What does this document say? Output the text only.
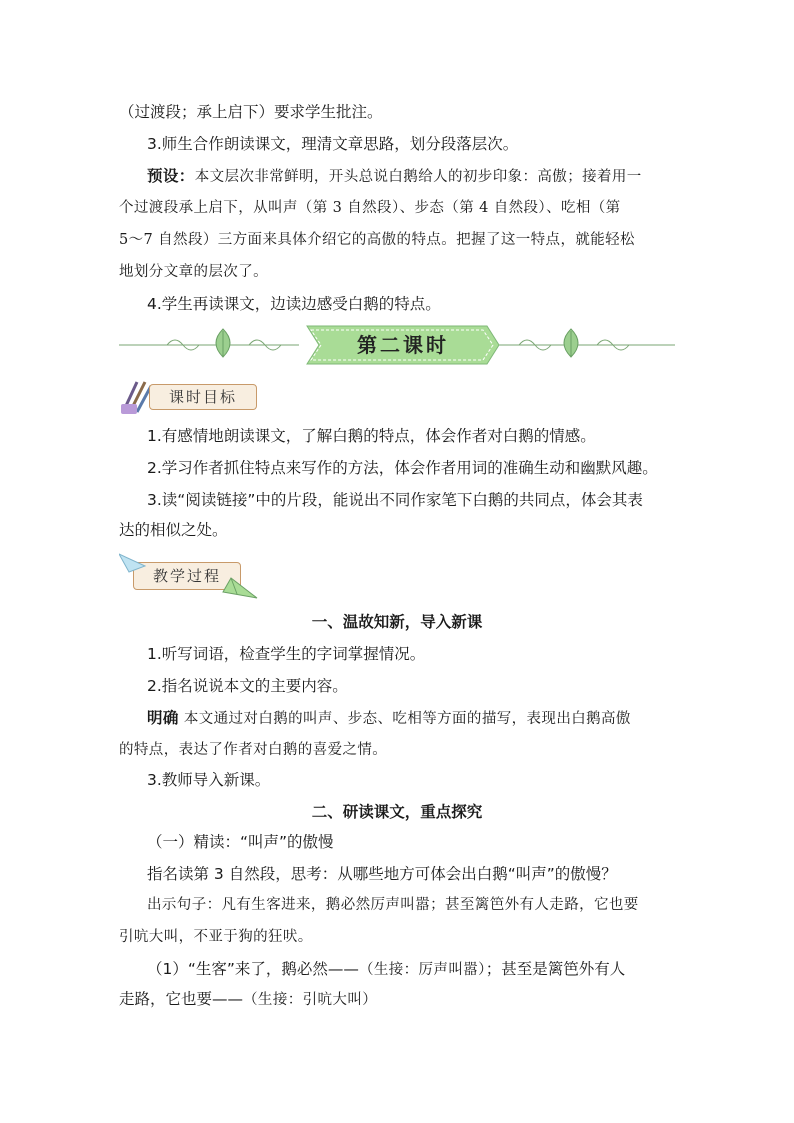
（过渡段；承上启下）要求学生批注。
3.师生合作朗读课文，理清文章思路，划分段落层次。
预设：本文层次非常鲜明，开头总说白鹅给人的初步印象：高傲；接着用一
个过渡段承上启下，从叫声（第 3 自然段）、步态（第 4 自然段）、吃相（第
5～7 自然段）三方面来具体介绍它的高傲的特点。把握了这一特点，就能轻松
地划分文章的层次了。
4.学生再读课文，边读边感受白鹅的特点。
第二课时
课时目标
1.有感情地朗读课文，了解白鹅的特点，体会作者对白鹅的情感。
2.学习作者抓住特点来写作的方法，体会作者用词的准确生动和幽默风趣。
3.读“阅读链接”中的片段，能说出不同作家笔下白鹅的共同点，体会其表
达的相似之处。
教学过程
一、温故知新，导入新课
1.听写词语，检查学生的字词掌握情况。
2.指名说说本文的主要内容。
明确 本文通过对白鹅的叫声、步态、吃相等方面的描写，表现出白鹅高傲
的特点，表达了作者对白鹅的喜爱之情。
3.教师导入新课。
二、研读课文，重点探究
（一）精读：“叫声”的傲慢
指名读第 3 自然段，思考：从哪些地方可体会出白鹅“叫声”的傲慢？
出示句子：凡有生客进来，鹅必然厉声叫嚣；甚至篱笆外有人走路，它也要
引吭大叫，不亚于狗的狂吠。
（1）“生客”来了，鹅必然——（生接：厉声叫嚣）；甚至是篱笆外有人
走路，它也要——（生接：引吭大叫）
